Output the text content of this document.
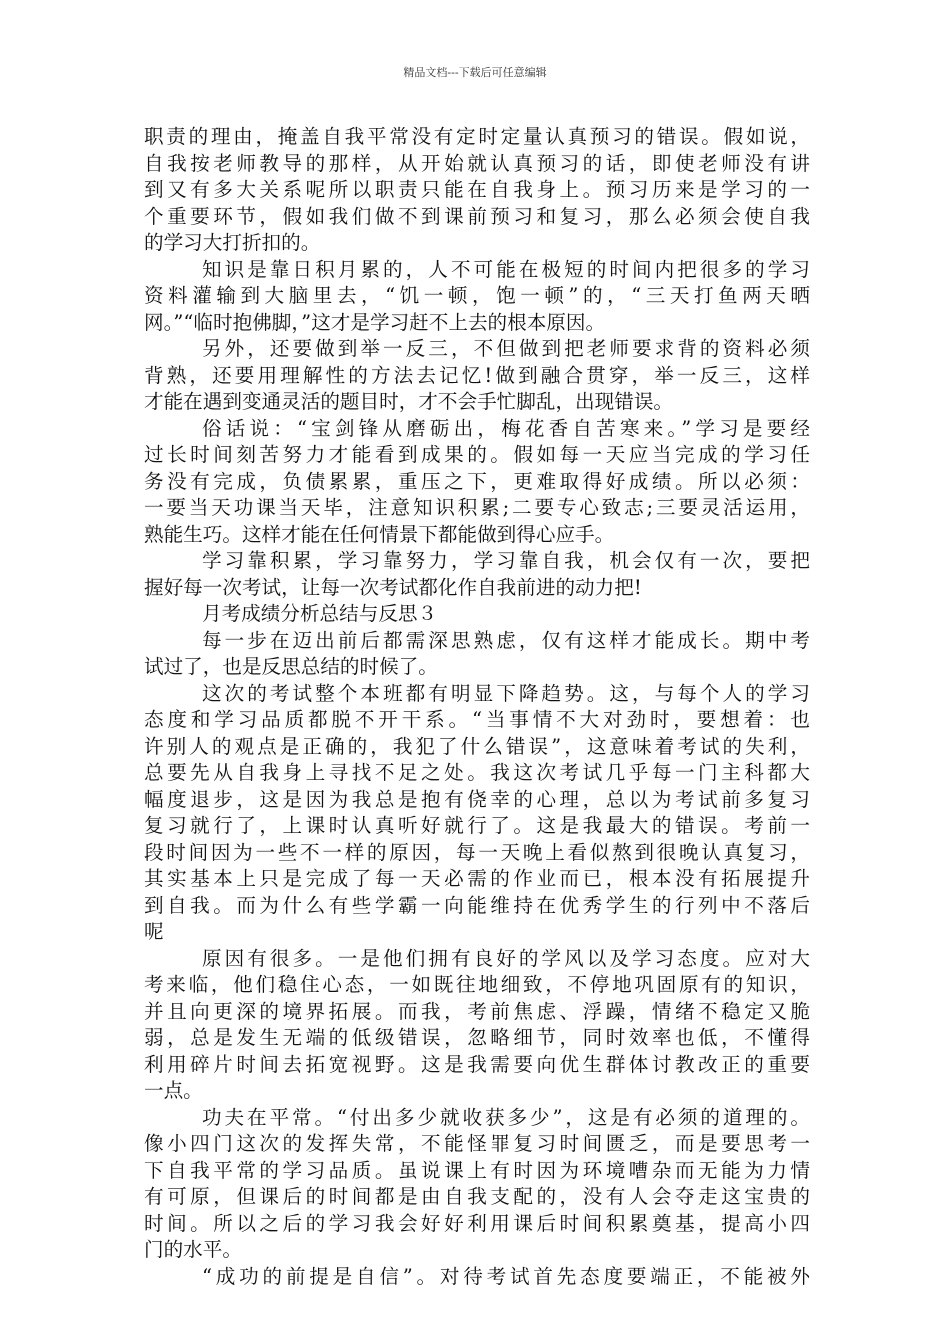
精品文档---下载后可任意编辑
职责的理由，掩盖自我平常没有定时定量认真预习的错误。假如说，
自我按老师教导的那样，从开始就认真预习的话，即使老师没有讲
到又有多大关系呢所以职责只能在自我身上。预习历来是学习的一
个重要环节，假如我们做不到课前预习和复习，那么必须会使自我
的学习大打折扣的。
知识是靠日积月累的，人不可能在极短的时间内把很多的学习
资料灌输到大脑里去，“饥一顿，饱一顿”的，“三天打鱼两天晒
网。”“临时抱佛脚，”这才是学习赶不上去的根本原因。
另外，还要做到举一反三，不但做到把老师要求背的资料必须
背熟，还要用理解性的方法去记忆!做到融合贯穿，举一反三，这样
才能在遇到变通灵活的题目时，才不会手忙脚乱，出现错误。
俗话说：“宝剑锋从磨砺出，梅花香自苦寒来。”学习是要经
过长时间刻苦努力才能看到成果的。假如每一天应当完成的学习任
务没有完成，负债累累，重压之下，更难取得好成绩。所以必须：
一要当天功课当天毕，注意知识积累;二要专心致志;三要灵活运用，
熟能生巧。这样才能在任何情景下都能做到得心应手。
学习靠积累，学习靠努力，学习靠自我，机会仅有一次，要把
握好每一次考试，让每一次考试都化作自我前进的动力把!
月考成绩分析总结与反思３
每一步在迈出前后都需深思熟虑，仅有这样才能成长。期中考
试过了，也是反思总结的时候了。
这次的考试整个本班都有明显下降趋势。这，与每个人的学习
态度和学习品质都脱不开干系。“当事情不大对劲时，要想着：也
许别人的观点是正确的，我犯了什么错误”，这意味着考试的失利，
总要先从自我身上寻找不足之处。我这次考试几乎每一门主科都大
幅度退步，这是因为我总是抱有侥幸的心理，总以为考试前多复习
复习就行了，上课时认真听好就行了。这是我最大的错误。考前一
段时间因为一些不一样的原因，每一天晚上看似熬到很晚认真复习，
其实基本上只是完成了每一天必需的作业而已，根本没有拓展提升
到自我。而为什么有些学霸一向能维持在优秀学生的行列中不落后
呢
原因有很多。一是他们拥有良好的学风以及学习态度。应对大
考来临，他们稳住心态，一如既往地细致，不停地巩固原有的知识，
并且向更深的境界拓展。而我，考前焦虑、浮躁，情绪不稳定又脆
弱，总是发生无端的低级错误，忽略细节，同时效率也低，不懂得
利用碎片时间去拓宽视野。这是我需要向优生群体讨教改正的重要
一点。
功夫在平常。“付出多少就收获多少”，这是有必须的道理的。
像小四门这次的发挥失常，不能怪罪复习时间匮乏，而是要思考一
下自我平常的学习品质。虽说课上有时因为环境嘈杂而无能为力情
有可原，但课后的时间都是由自我支配的，没有人会夺走这宝贵的
时间。所以之后的学习我会好好利用课后时间积累奠基，提高小四
门的水平。
“成功的前提是自信”。对待考试首先态度要端正，不能被外
